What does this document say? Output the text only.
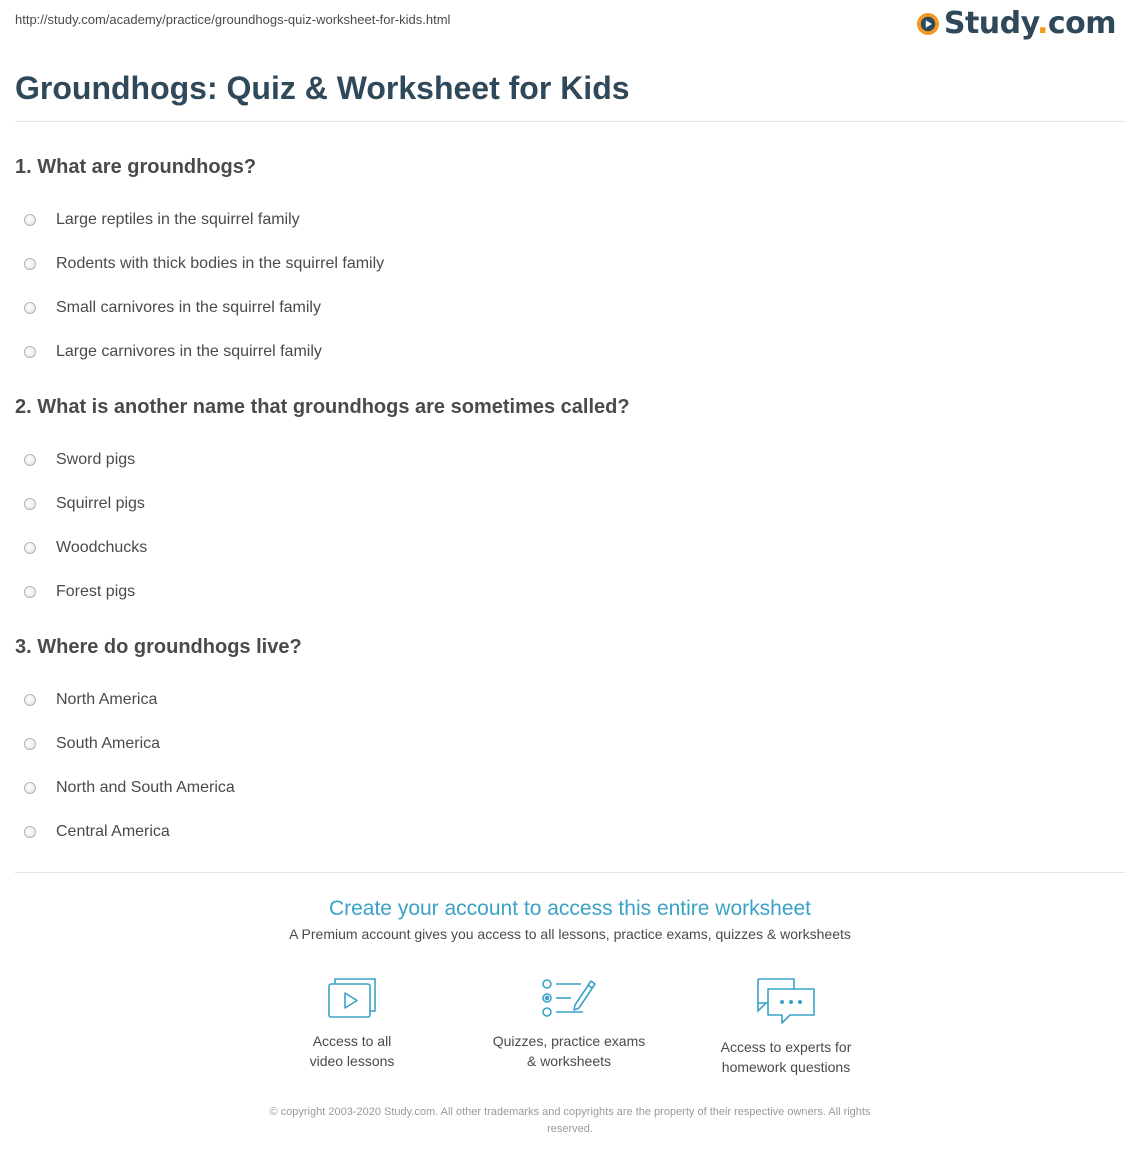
http://study.com/academy/practice/groundhogs-quiz-worksheet-for-kids.html	Study.com
Groundhogs: Quiz & Worksheet for Kids
1. What are groundhogs?
Large reptiles in the squirrel family
Rodents with thick bodies in the squirrel family
Small carnivores in the squirrel family
Large carnivores in the squirrel family
2. What is another name that groundhogs are sometimes called?
Sword pigs
Squirrel pigs
Woodchucks
Forest pigs
3. Where do groundhogs live?
North America
South America
North and South America
Central America

Create your account to access this entire worksheet

A Premium account gives you access to all lessons, practice exams, quizzes & worksheets
Access to all
video lessons
Quizzes, practice exams
& worksheets
Access to experts for
homework questions
© copyright 2003-2020 Study.com. All other trademarks and copyrights are the property of their respective owners. All rights
reserved.
